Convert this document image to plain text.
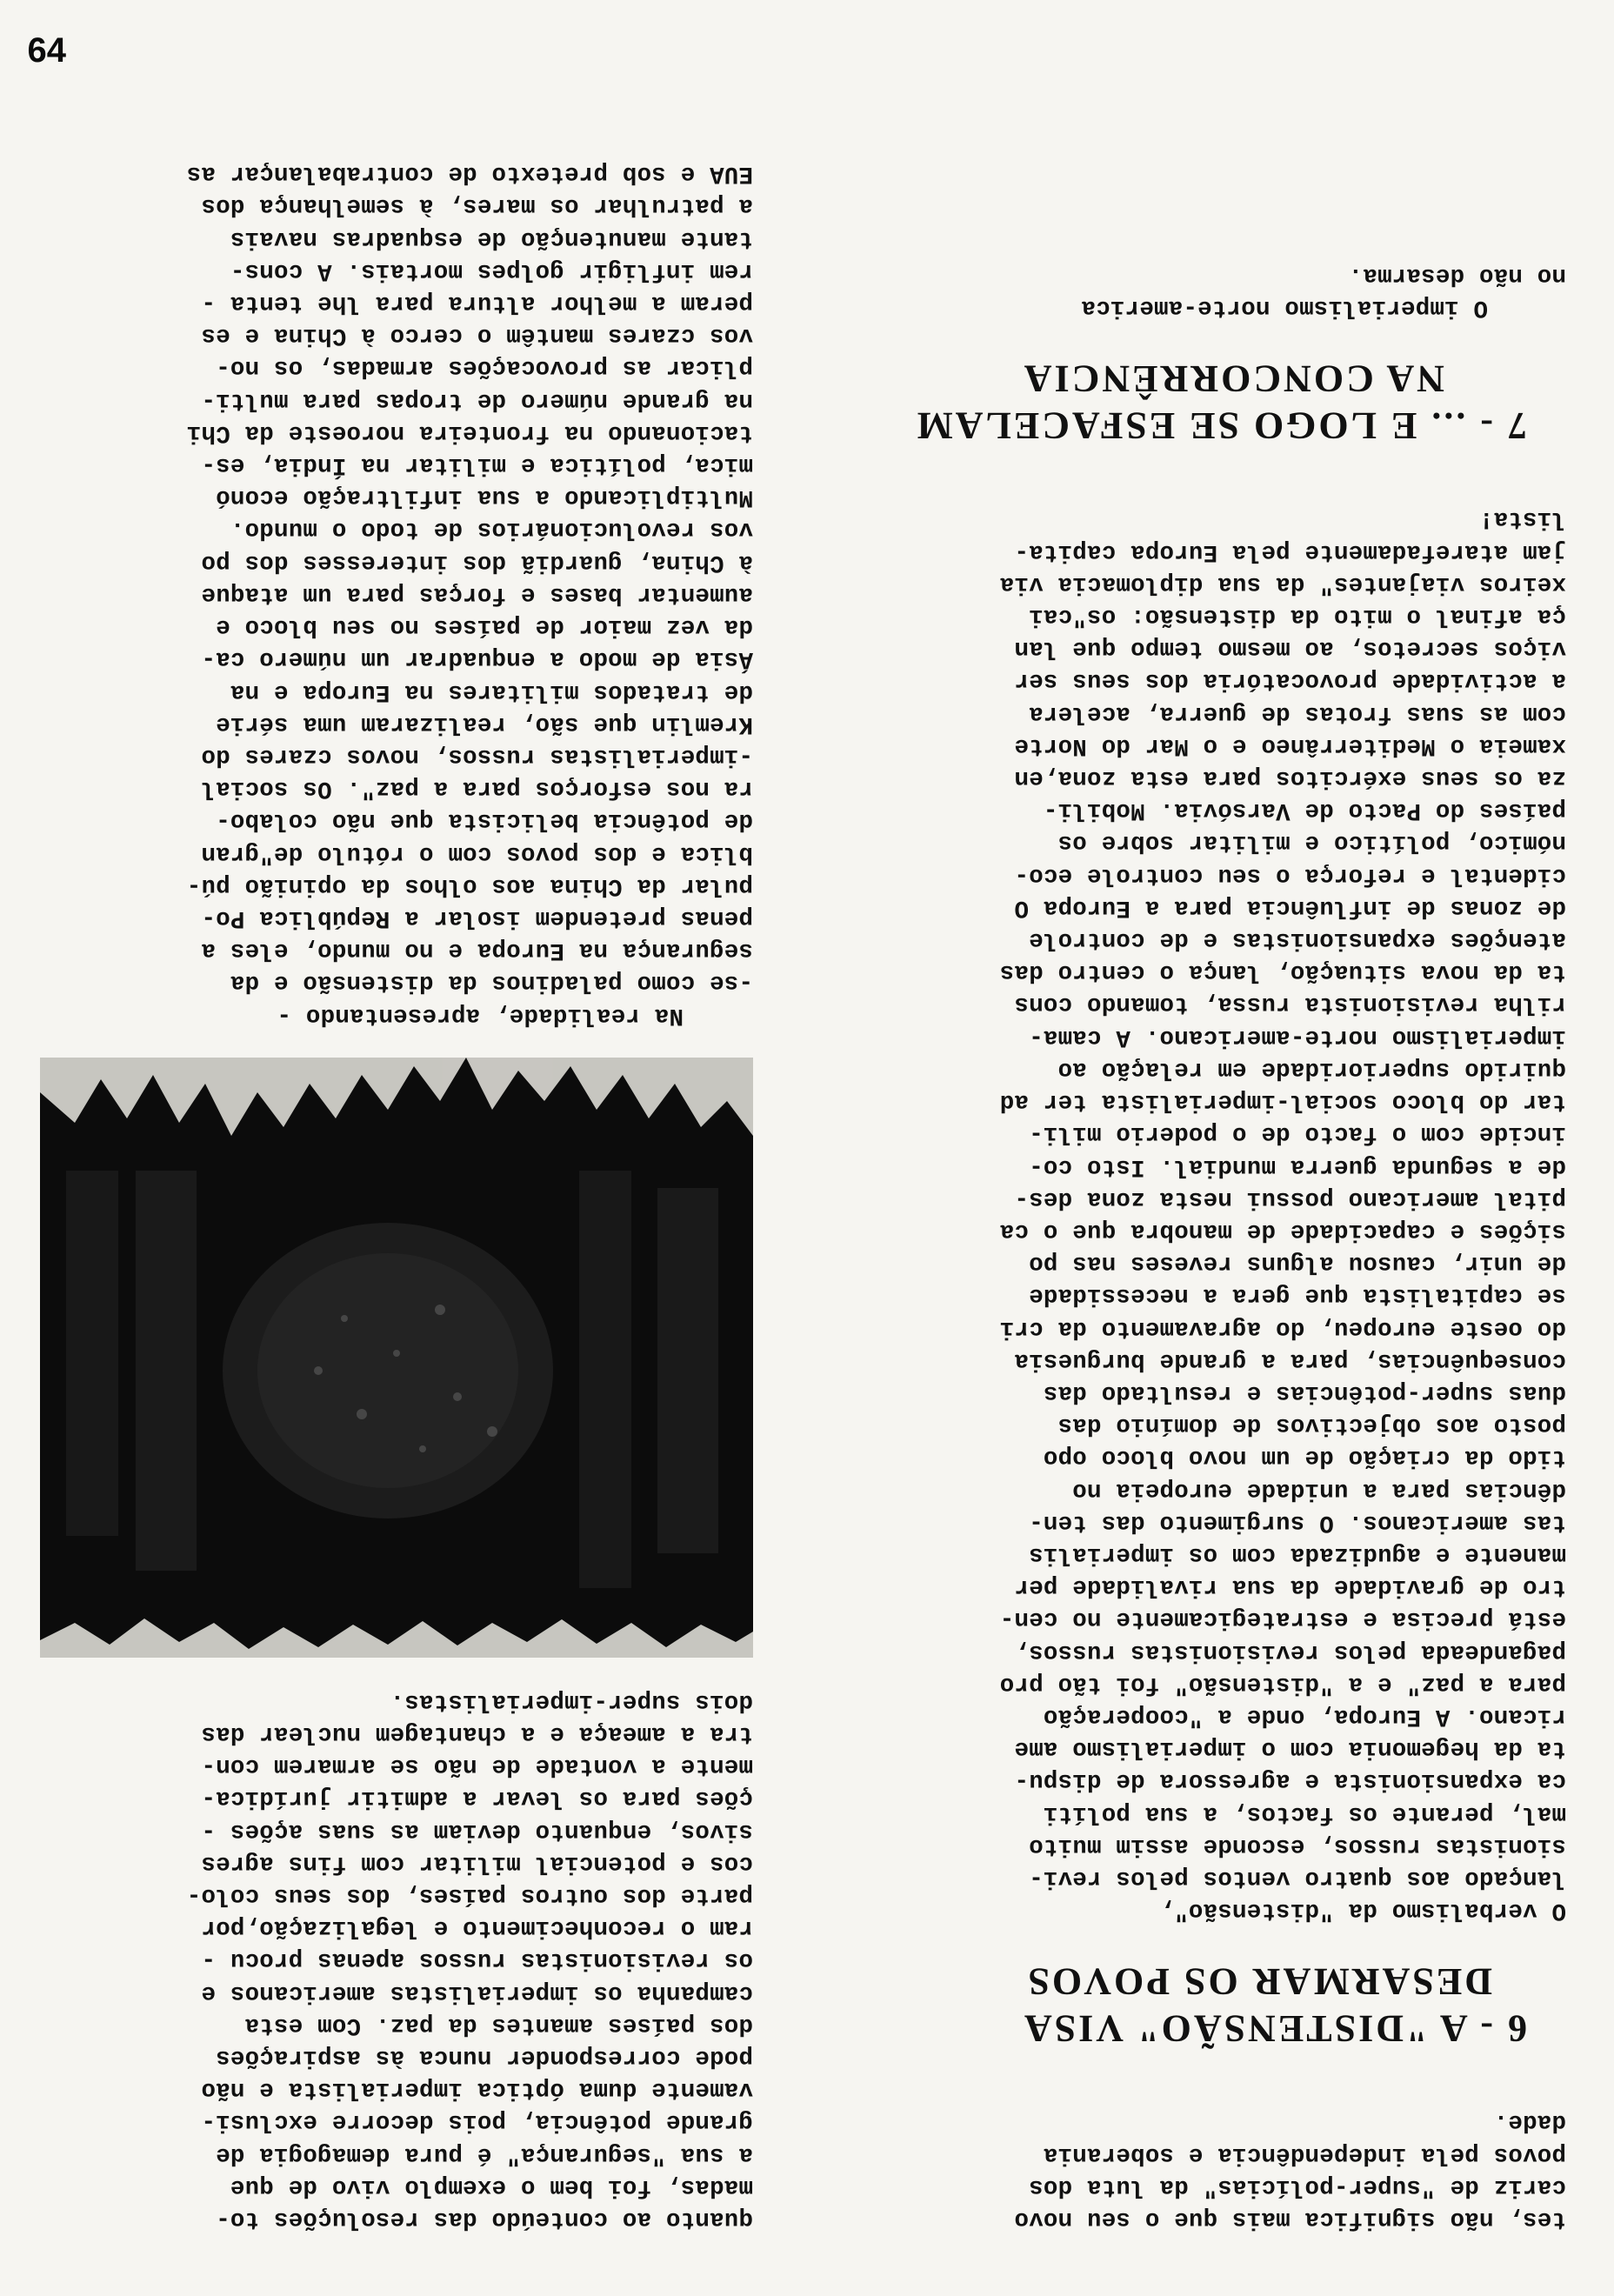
tes, não significa mais que o seu novo
cariz de "super-polícias" da luta dos
povos pela independência e soberania
dade.

6 - A "DISTENSÃO" VISA

DESARMAR OS POVOS

O verbalismo da "distensão",
lançado aos quatro ventos pelos revi-
sionistas russos, esconde assim muito
mal, perante os factos, a sua políti
ca expansionista e agressora de dispu-
ta da hegemonia com o imperialismo ame
ricano. A Europa, onde a "cooperação
para a paz" e a "distensão" foi tão pro
pagandeada pelos revisionistas russos,
está precisa e estrategicamente no cen-
tro de gravidade da sua rivalidade per
manente e agudizada com os imperialis
tas americanos. O surgimento das ten-
dências para a unidade europeia no
tido da criação de um novo bloco opo
posto aos objectivos de domínio das
duas super-potências e resultado das
consequências, para a grande burguesia
do oeste europeu, do agravamento da cri
se capitalista que gera a necessidade
de unir, causou alguns reveses nas po
sições e capacidade de manobra que o ca
pital americano possui nesta zona des-
de a segunda guerra mundial. Isto co-
incide com o facto de o poderio mili-
tar do bloco social-imperialista ter ad
quirido superioridade em relação ao
imperialismo norte-americano. A cama-
rilha revisionista russa, tomando cons
ta da nova situação, lança o centro das
atenções expansionistas e de controle
de zonas de influência para a Europa O
cidental e reforça o seu controle eco-
nómico, político e militar sobre os
países do Pacto de Varsóvia. Mobili-
za os seus exércitos para esta zona,en
xameia o Mediterrâneo e o Mar do Norte
com as suas frotas de guerra, acelera
a actividade provocatória dos seus ser
viços secretos, ao mesmo tempo que lan
ça afinal o mito da distensão: os"cai
xeiros viajantes" da sua diplomacia via
jam atarefadamente pela Europa capita-
lista!

7 - ... E LOGO SE ESFACELAM

NA CONCORRÊNCIA

O imperialismo norte-america
no não desarma.
quanto ao conteúdo das resoluções to-
madas, foi bem o exemplo vivo de que
a sua "segurança" é pura demagogia de
grande potência, pois decorre exclusi-
vamente duma óptica imperialista e não
pode corresponder nunca às aspirações
dos países amantes da paz. Com esta
campanha os imperialistas americanos e
os revisionistas russos apenas procu -
ram o reconhecimento e legalização,por
parte dos outros países, dos seus colo-
cos e potencial militar com fins agres
sivos, enquanto deviam as suas ações -
ções para os levar a admitir jurídica-
mente a vontade de não se armarem con-
tra a ameaça e a chantagem nuclear das
dois super-imperialistas.
Na realidade, apresentando -
-se como paladinos da distensão e da
segurança na Europa e no mundo, eles a
penas pretendem isolar a República Po-
pular da China aos olhos da opinião pú-
blica e dos povos com o rótulo de"gran
de potência belicista que não colabo-
ra nos esforços para a paz". Os social
-imperialistas russos, novos czares do
Kremlin que são, realizaram uma série
de tratados militares na Europa e na
Ásia de modo a enquadrar um número ca-
da vez maior de países no seu bloco e
aumentar bases e forças para um ataque
à China, guardiã dos interesses dos po
vos revolucionários de todo o mundo.
Multiplicando a sua infiltração econó
mica, política e militar na Índia, es-
tacionando na fronteira noroeste da Chi
na grande número de tropas para multi-
plicar as provocações armadas, os no-
vos czares mantêm o cerco à China e es
peram a melhor altura para lhe tenta -
rem infligir golpes mortais. A cons-
tante manutenção de esquadras navais
a patrulhar os mares, à semelhança dos
EUA e sob pretexto de contrabalançar as
64
